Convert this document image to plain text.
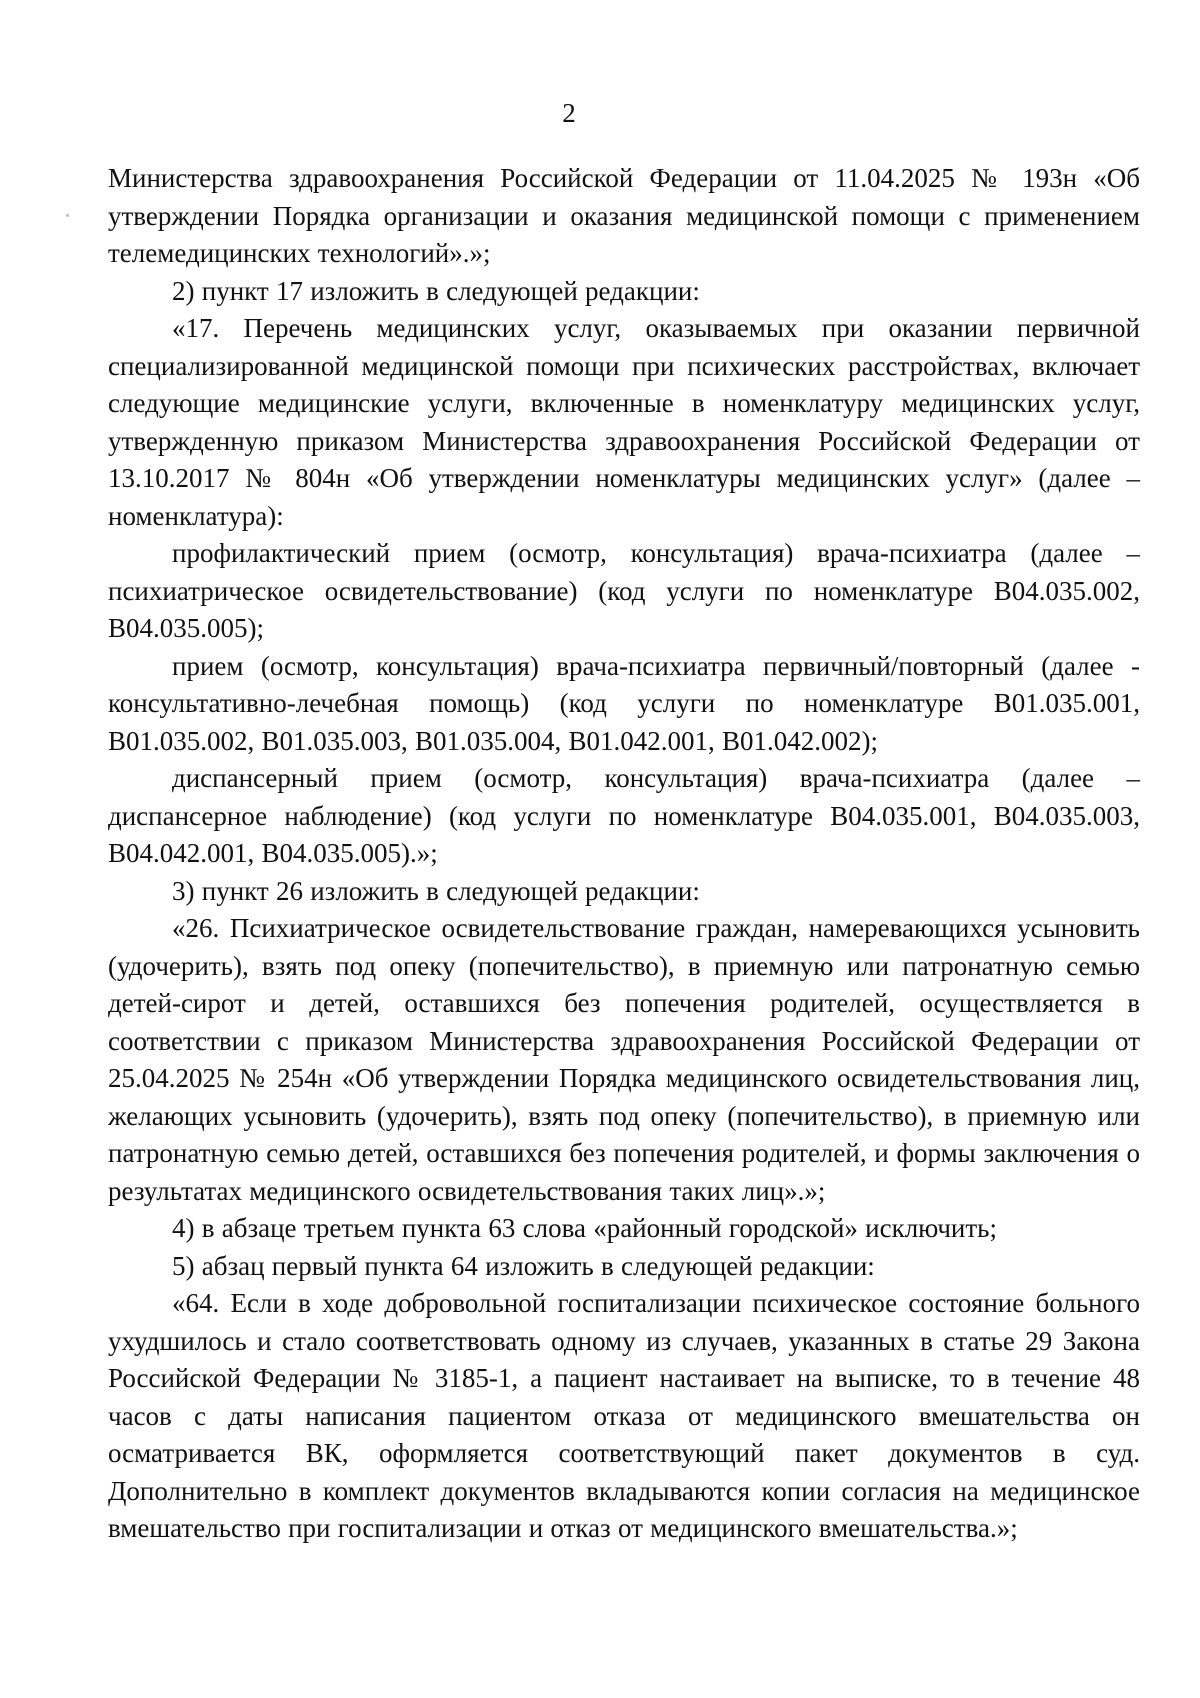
2

Министерства здравоохранения Российской Федерации от 11.04.2025 № 193н «Об утверждении Порядка организации и оказания медицинской помощи с применением телемедицинских технологий».»;

2) пункт 17 изложить в следующей редакции:

«17. Перечень медицинских услуг, оказываемых при оказании первичной специализированной медицинской помощи при психических расстройствах, включает следующие медицинские услуги, включенные в номенклатуру медицинских услуг, утвержденную приказом Министерства здравоохранения Российской Федерации от 13.10.2017 № 804н «Об утверждении номенклатуры медицинских услуг» (далее – номенклатура):

профилактический прием (осмотр, консультация) врача-психиатра (далее – психиатрическое освидетельствование) (код услуги по номенклатуре B04.035.002, B04.035.005);

прием (осмотр, консультация) врача-психиатра первичный/повторный (далее - консультативно-лечебная помощь) (код услуги по номенклатуре B01.035.001, B01.035.002, B01.035.003, B01.035.004, B01.042.001, B01.042.002);

диспансерный прием (осмотр, консультация) врача-психиатра (далее – диспансерное наблюдение) (код услуги по номенклатуре B04.035.001, B04.035.003, B04.042.001, B04.035.005).»;

3) пункт 26 изложить в следующей редакции:

«26. Психиатрическое освидетельствование граждан, намеревающихся усыновить (удочерить), взять под опеку (попечительство), в приемную или патронатную семью детей-сирот и детей, оставшихся без попечения родителей, осуществляется в соответствии с приказом Министерства здравоохранения Российской Федерации от 25.04.2025 № 254н «Об утверждении Порядка медицинского освидетельствования лиц, желающих усыновить (удочерить), взять под опеку (попечительство), в приемную или патронатную семью детей, оставшихся без попечения родителей, и формы заключения о результатах медицинского освидетельствования таких лиц».»;

4) в абзаце третьем пункта 63 слова «районный городской» исключить;

5) абзац первый пункта 64 изложить в следующей редакции:

«64. Если в ходе добровольной госпитализации психическое состояние больного ухудшилось и стало соответствовать одному из случаев, указанных в статье 29 Закона Российской Федерации № 3185-1, а пациент настаивает на выписке, то в течение 48 часов с даты написания пациентом отказа от медицинского вмешательства он осматривается ВК, оформляется соответствующий пакет документов в суд. Дополнительно в комплект документов вкладываются копии согласия на медицинское вмешательство при госпитализации и отказ от медицинского вмешательства.»;
